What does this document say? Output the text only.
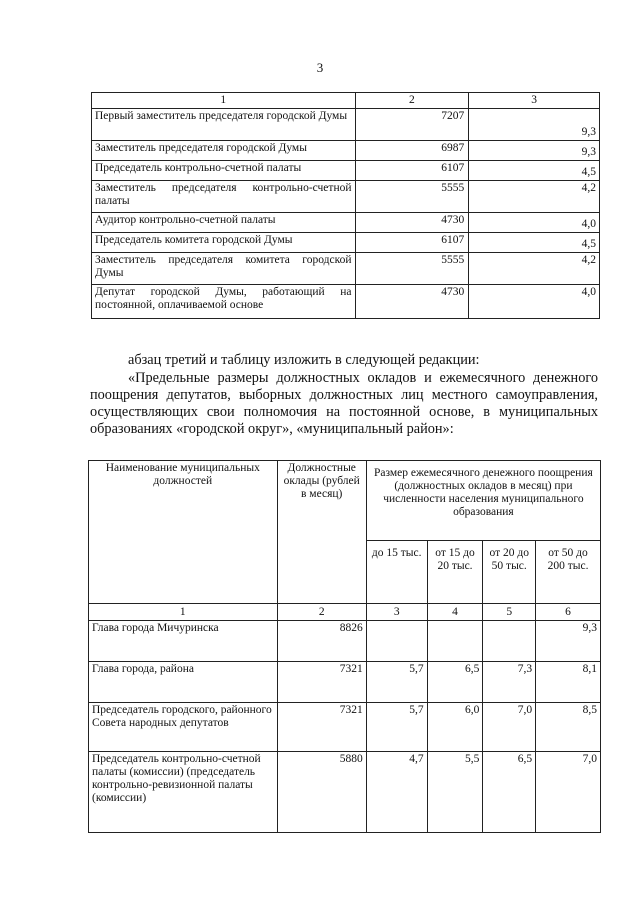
3
1	2	3
Первый заместитель председателя городской Думы	7207	9,3
Заместитель председателя городской Думы	6987	9,3
Председатель контрольно-счетной палаты	6107	4,5
Заместитель председателя контрольно-счетной палаты	5555	4,2
Аудитор контрольно-счетной палаты	4730	4,0
Председатель комитета городской Думы	6107	4,5
Заместитель председателя комитета городской Думы	5555	4,2
Депутат городской Думы, работающий на постоянной, оплачиваемой основе	4730	4,0
абзац третий и таблицу изложить в следующей редакции:
«Предельные размеры должностных окладов и ежемесячного денежного поощрения депутатов, выборных должностных лиц местного самоуправления, осуществляющих свои полномочия на постоянной основе, в муниципальных образованиях «городской округ», «муниципальный район»:
Наименование муниципальных должностей	Должностные оклады (рублей в месяц)	Размер ежемесячного денежного поощрения (должностных окладов в месяц) при численности населения муниципального образования			
		до 15 тыс.	от 15 до 20 тыс.	от 20 до 50 тыс.	от 50 до 200 тыс.
1	2	3	4	5	6
Глава города Мичуринска	8826				9,3
Глава города, района	7321	5,7	6,5	7,3	8,1
Председатель городского, районного Совета народных депутатов	7321	5,7	6,0	7,0	8,5
Председатель контрольно-счетной палаты (комиссии) (председатель контрольно-ревизионной палаты (комиссии)	5880	4,7	5,5	6,5	7,0
